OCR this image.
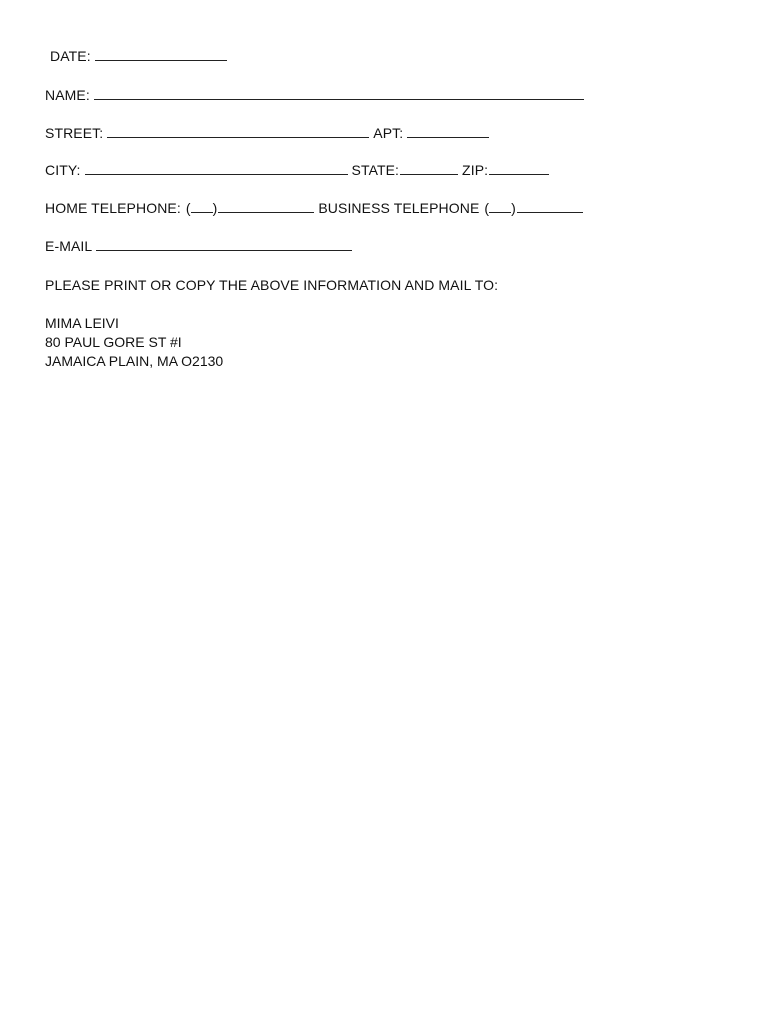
DATE:
NAME:
STREET:	APT:
CITY:	STATE:	ZIP:
HOME TELEPHONE: ( )	BUSINESS TELEPHONE ( )
E-MAIL
PLEASE PRINT OR COPY THE ABOVE INFORMATION AND MAIL TO:
MIMA LEIVI
80 PAUL GORE ST #I
JAMAICA PLAIN, MA O2130
